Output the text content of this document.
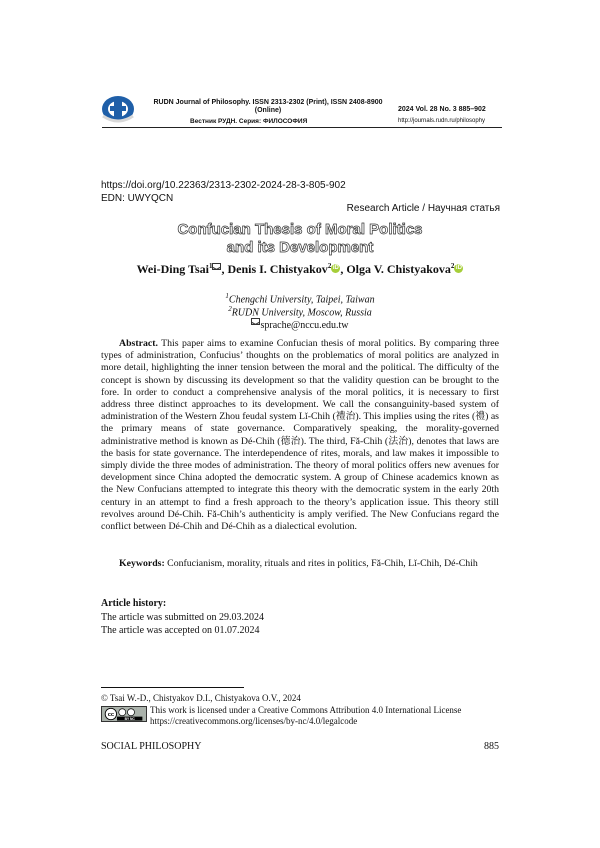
RUDN Journal of Philosophy. ISSN 2313-2302 (Print), ISSN 2408-8900
(Online)
Вестник РУДН. Серия: ФИЛОСОФИЯ
2024 Vol. 28 No. 3 885–902
http://journals.rudn.ru/philosophy
https://doi.org/10.22363/2313-2302-2024-28-3-805-902
EDN: UWYQCN
Research Article / Научная статья
Confucian Thesis of Moral Politics
and its Development
Wei-Ding Tsai$^1$ , Denis I. Chistyakov$^2$ iD , Olga V. Chistyakova$^2$ iD
$^1$Chengchi University, Taipei, Taiwan
$^2$RUDN University, Moscow, Russia
sprache@nccu.edu.tw
Abstract. This paper aims to examine Confucian thesis of moral politics. By comparing three types of administration, Confucius’ thoughts on the problematics of moral politics are analyzed in more detail, highlighting the inner tension between the moral and the political. The difficulty of the concept is shown by discussing its development so that the validity question can be brought to the fore. In order to conduct a comprehensive analysis of the moral politics, it is necessary to first address three distinct approaches to its development. We call the consanguinity-based system of administration of the Western Zhou feudal system Lǐ-Chih (禮治). This implies using the rites (禮) as the primary means of state governance. Comparatively speaking, the morality-governed administrative method is known as Dé-Chih (德治). The third, Fǎ-Chih (法治), denotes that laws are the basis for state governance. The interdependence of rites, morals, and law makes it impossible to simply divide the three modes of administration. The theory of moral politics offers new avenues for development since China adopted the democratic system. A group of Chinese academics known as the New Confucians attempted to integrate this theory with the democratic system in the early 20th century in an attempt to find a fresh approach to the theory’s application issue. This theory still revolves around Dé-Chih. Fǎ-Chih’s authenticity is amply verified. The New Confucians regard the conflict between Dé-Chih and Dé-Chih as a dialectical evolution.
Keywords: Confucianism, morality, rituals and rites in politics, Fǎ-Chih, Lǐ-Chih, Dé-Chih
Article history:
The article was submitted on 29.03.2024
The article was accepted on 01.07.2024
© Tsai W.-D., Chistyakov D.I., Chistyakova O.V., 2024
cc
BY NC
This work is licensed under a Creative Commons Attribution 4.0 International License
https://creativecommons.org/licenses/by-nc/4.0/legalcode
SOCIAL PHILOSOPHY	885
